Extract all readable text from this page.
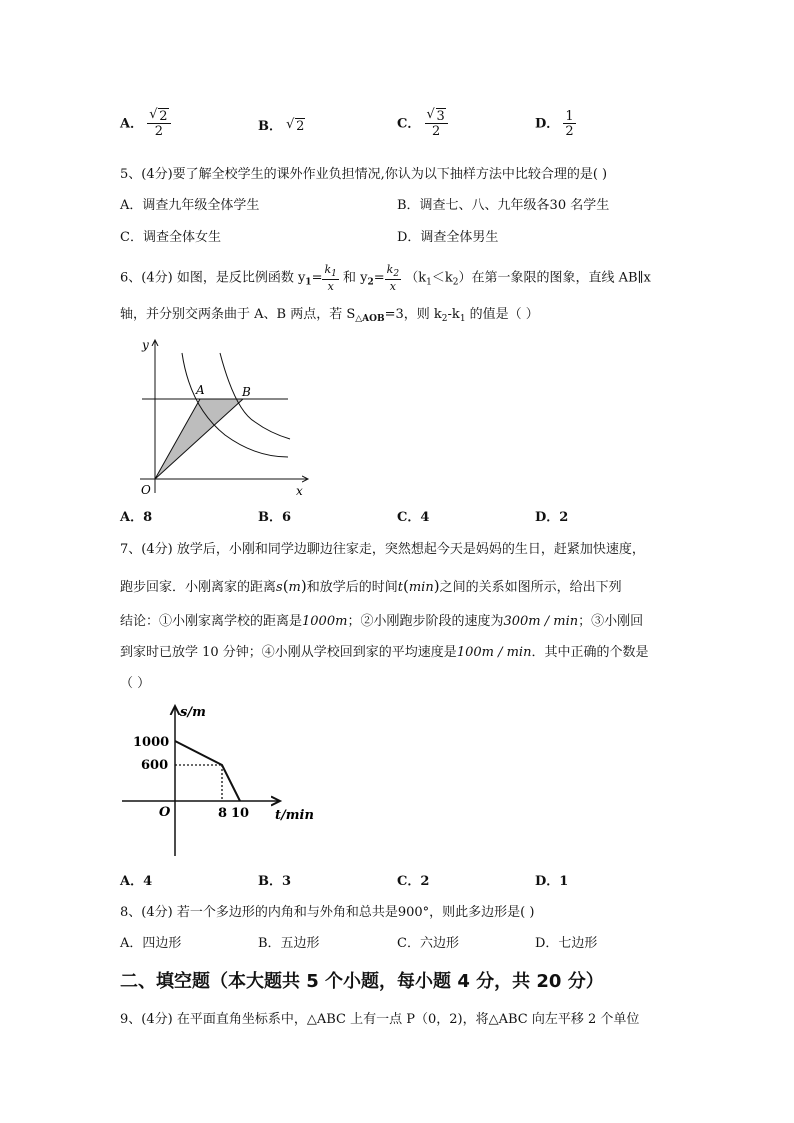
A． $\frac{√ 2}{2}$	B． √ 2	C． $\frac{√ 3}{2}$	D． $\frac{1}{2}$
5、(4分)要了解全校学生的课外作业负担情况,你认为以下抽样方法中比较合理的是( )
A．调查九年级全体学生	B．调查七、八、九年级各30 名学生
C．调查全体女生	D．调查全体男生
6、(4分) 如图，是反比例函数 $y_1= \frac{k_1}{x}$ 和 $y_2= \frac{k_2}{x} (k_1<k_2)$在第一象限的图象，直线 AB∥x
轴，并分别交两条曲于 A、B 两点，若 $S_{\triangle AOB}=3$，则 $k_2-k_1$ 的值是（ ）
y
x
O
A	B
A．8	B．6	C．4	D．2
7、(4分) 放学后，小刚和同学边聊边往家走，突然想起今天是妈妈的生日，赶紧加快速度，
跑步回家．小刚离家的距离s(m)和放学后的时间t(min)之间的关系如图所示，给出下列
结论：①小刚家离学校的距离是1000m；②小刚跑步阶段的速度为300m / min；③小刚回
到家时已放学 10 分钟；④小刚从学校回到家的平均速度是100m / min．其中正确的个数是
（ ）
s/m
1000
600
O	8 10 t/min
A．4	B．3	C．2	D．1
8、(4分) 若一个多边形的内角和与外角和总共是900°，则此多边形是( )
A．四边形	B．五边形	C．六边形	D．七边形
二、填空题（本大题共 5 个小题，每小题 4 分，共 20 分）
9、(4分) 在平面直角坐标系中，△ABC 上有一点 P（0，2)，将△ABC 向左平移 2 个单位
